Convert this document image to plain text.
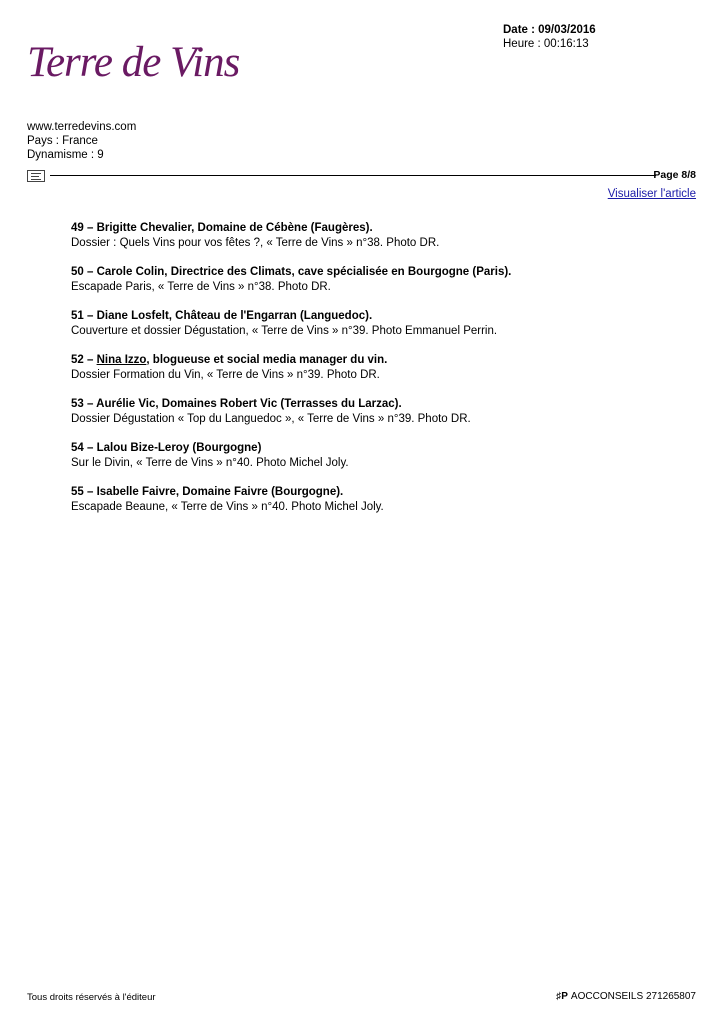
Terre de Vins
Date : 09/03/2016
Heure : 00:16:13
www.terredevins.com
Pays : France
Dynamisme : 9
Page 8/8
Visualiser l'article
49 – Brigitte Chevalier, Domaine de Cébène (Faugères).
Dossier : Quels Vins pour vos fêtes ?, « Terre de Vins » n°38. Photo DR.
50 – Carole Colin, Directrice des Climats, cave spécialisée en Bourgogne (Paris).
Escapade Paris, « Terre de Vins » n°38. Photo DR.
51 – Diane Losfelt, Château de l'Engarran (Languedoc).
Couverture et dossier Dégustation, « Terre de Vins » n°39. Photo Emmanuel Perrin.
52 – Nina Izzo, blogueuse et social media manager du vin.
Dossier Formation du Vin, « Terre de Vins » n°39. Photo DR.
53 – Aurélie Vic, Domaines Robert Vic (Terrasses du Larzac).
Dossier Dégustation « Top du Languedoc », « Terre de Vins » n°39. Photo DR.
54 – Lalou Bize-Leroy (Bourgogne)
Sur le Divin, « Terre de Vins » n°40. Photo Michel Joly.
55 – Isabelle Faivre, Domaine Faivre (Bourgogne).
Escapade Beaune, « Terre de Vins » n°40. Photo Michel Joly.
Tous droits réservés à l'éditeur	♯P AOCCONSEILS 271265807
